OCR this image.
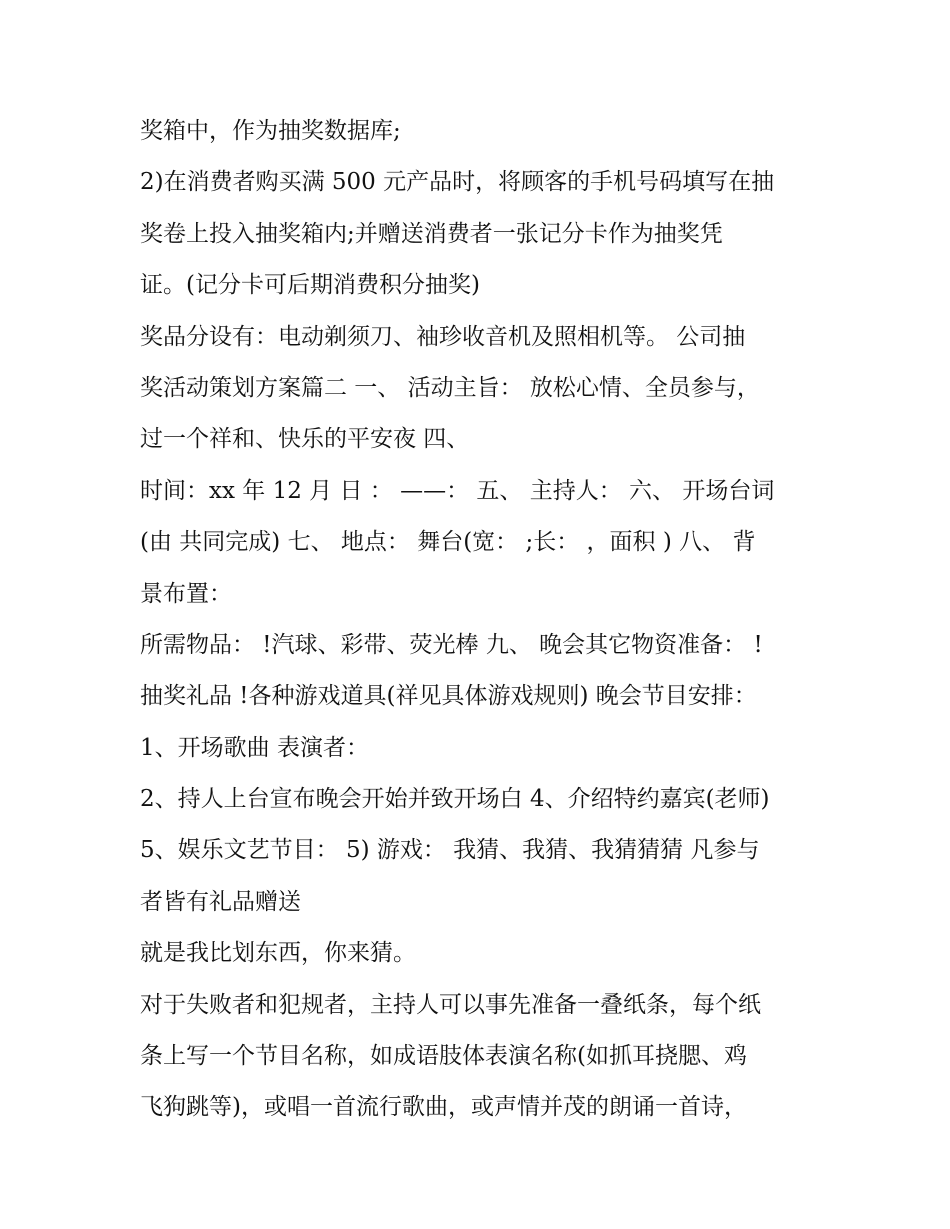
奖箱中，作为抽奖数据库;
2)在消费者购买满 500 元产品时，将顾客的手机号码填写在抽
奖卷上投入抽奖箱内;并赠送消费者一张记分卡作为抽奖凭
证。(记分卡可后期消费积分抽奖)
奖品分设有：电动剃须刀、袖珍收音机及照相机等。 公司抽
奖活动策划方案篇二 一、 活动主旨： 放松心情、全员参与，
过一个祥和、快乐的平安夜 四、
时间：xx 年 12 月 日 ： ——： 五、 主持人： 六、 开场台词
(由 共同完成) 七、 地点： 舞台(宽： ;长： ，面积 ) 八、 背
景布置：
所需物品： !汽球、彩带、荧光棒 九、 晚会其它物资准备： !
抽奖礼品 !各种游戏道具(祥见具体游戏规则) 晚会节目安排：
1、开场歌曲 表演者：
2、持人上台宣布晚会开始并致开场白 4、介绍特约嘉宾(老师)
5、娱乐文艺节目： 5) 游戏： 我猜、我猜、我猜猜猜 凡参与
者皆有礼品赠送
就是我比划东西，你来猜。
对于失败者和犯规者，主持人可以事先准备一叠纸条，每个纸
条上写一个节目名称，如成语肢体表演名称(如抓耳挠腮、鸡
飞狗跳等)，或唱一首流行歌曲，或声情并茂的朗诵一首诗，
